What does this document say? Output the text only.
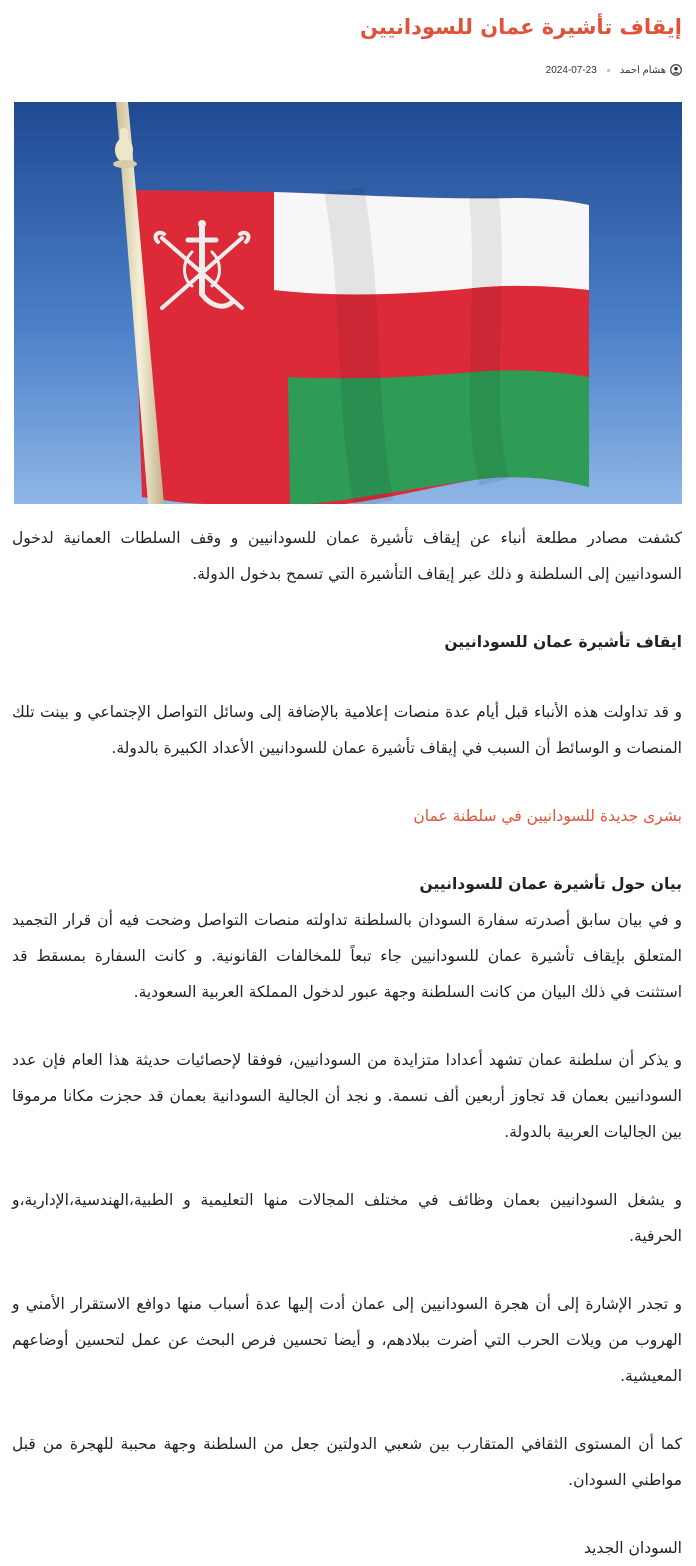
إيقاف تأشيرة عمان للسودانيين
هشام احمد
2024-07-23

كشفت مصادر مطلعة أنباء عن إيقاف تأشيرة عمان للسودانيين و وقف السلطات العمانية لدخول السودانيين إلى السلطنة و ذلك عبر إيقاف التأشيرة التي تسمح بدخول الدولة.

ايقاف تأشيرة عمان للسودانيين

و قد تداولت هذه الأنباء قبل أيام عدة منصات إعلامية بالإضافة إلى وسائل التواصل الإجتماعي و بينت تلك المنصات و الوسائط أن السبب في إيقاف تأشيرة عمان للسودانيين الأعداد الكبيرة بالدولة.

بشرى جديدة للسودانيين في سلطنة عمان

بيان حول تأشيرة عمان للسودانيين

و في بيان سابق أصدرته سفارة السودان بالسلطنة تداولته منصات التواصل وضحت فيه أن قرار التجميد المتعلق بإيقاف تأشيرة عمان للسودانيين جاء تبعاً للمخالفات القانونية. و كانت السفارة بمسقط قد استثنت في ذلك البيان من كانت السلطنة وجهة عبور لدخول المملكة العربية السعودية.

و يذكر أن سلطنة عمان تشهد أعدادا متزايدة من السودانيين، فوفقا لإحصائيات حديثة هذا العام فإن عدد السودانيين بعمان قد تجاوز أربعين ألف نسمة. و نجد أن الجالية السودانية بعمان قد حجزت مكانا مرموقا بين الجاليات العربية بالدولة.

و يشغل السودانيين بعمان وظائف في مختلف المجالات منها التعليمية و الطبية،الهندسية،الإدارية،و الحرفية.

و تجدر الإشارة إلى أن هجرة السودانيين إلى عمان أدت إليها عدة أسباب منها دوافع الاستقرار الأمني و الهروب من ويلات الحرب التي أضرت ببلادهم، و أيضا تحسين فرص البحث عن عمل لتحسين أوضاعهم المعيشية.

كما أن المستوى الثقافي المتقارب بين شعبي الدولتين جعل من السلطنة وجهة محببة للهجرة من قبل مواطني السودان.

السودان الجديد
